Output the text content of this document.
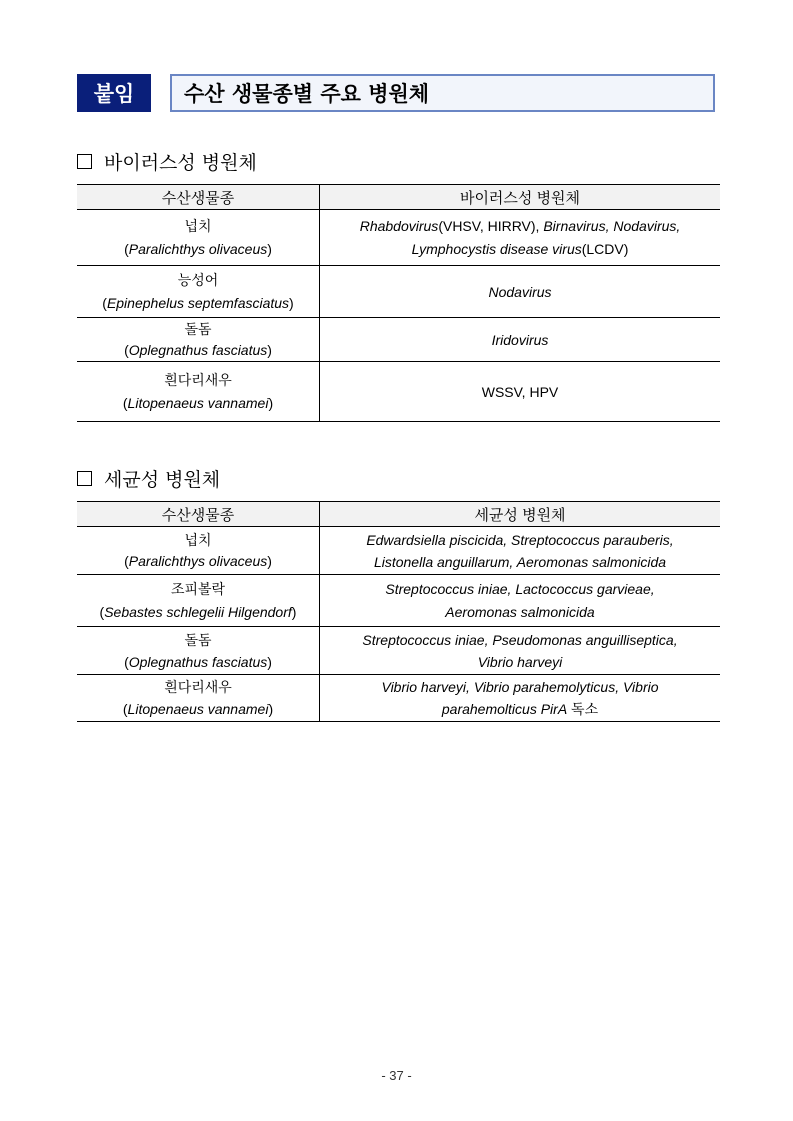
붙임	수산 생물종별 주요 병원체
바이러스성 병원체
수산생물종	바이러스성 병원체

넙치
(Paralichthys olivaceus)	Rhabdovirus(VHSV, HIRRV), Birnavirus, Nodavirus,
Lymphocystis disease virus(LCDV)

능성어
(Epinephelus septemfasciatus)	Nodavirus

돌돔
(Oplegnathus fasciatus)	Iridovirus

흰다리새우
(Litopenaeus vannamei)	WSSV, HPV
세균성 병원체
수산생물종	세균성 병원체

넙치
(Paralichthys olivaceus)	Edwardsiella piscicida, Streptococcus parauberis,
Listonella anguillarum, Aeromonas salmonicida

조피볼락
(Sebastes schlegelii Hilgendorf)	Streptococcus iniae, Lactococcus garvieae,
Aeromonas salmonicida

돌돔
(Oplegnathus fasciatus)	Streptococcus iniae, Pseudomonas anguilliseptica,
Vibrio harveyi

흰다리새우
(Litopenaeus vannamei)	Vibrio harveyi, Vibrio parahemolyticus, Vibrio
parahemolticus PirA 독소
- 37 -
